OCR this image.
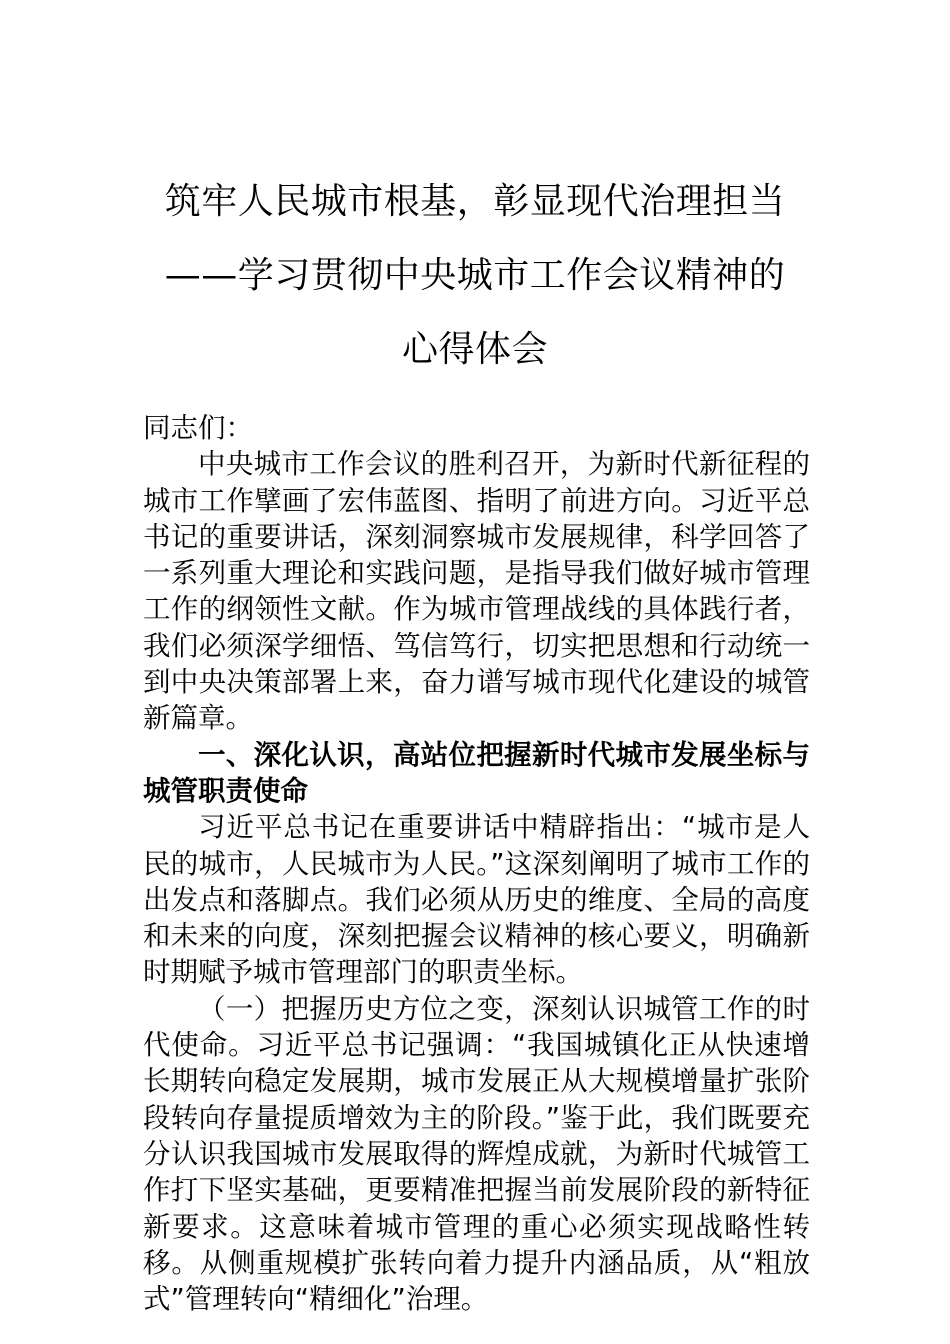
筑牢人民城市根基，彰显现代治理担当——学习贯彻中央城市工作会议精神的心得体会

同志们：

中央城市工作会议的胜利召开，为新时代新征程的城市工作擘画了宏伟蓝图、指明了前进方向。习近平总书记的重要讲话，深刻洞察城市发展规律，科学回答了一系列重大理论和实践问题，是指导我们做好城市管理工作的纲领性文献。作为城市管理战线的具体践行者，我们必须深学细悟、笃信笃行，切实把思想和行动统一到中央决策部署上来，奋力谱写城市现代化建设的城管新篇章。

一、深化认识，高站位把握新时代城市发展坐标与城管职责使命

习近平总书记在重要讲话中精辟指出：“城市是人民的城市，人民城市为人民。”这深刻阐明了城市工作的出发点和落脚点。我们必须从历史的维度、全局的高度和未来的向度，深刻把握会议精神的核心要义，明确新时期赋予城市管理部门的职责坐标。

（一）把握历史方位之变，深刻认识城管工作的时代使命。习近平总书记强调：“我国城镇化正从快速增长期转向稳定发展期，城市发展正从大规模增量扩张阶段转向存量提质增效为主的阶段。”鉴于此，我们既要充分认识我国城市发展取得的辉煌成就，为新时代城管工作打下坚实基础，更要精准把握当前发展阶段的新特征新要求。这意味着城市管理的重心必须实现战略性转移。从侧重规模扩张转向着力提升内涵品质，从“粗放式”管理转向“精细化”治理。
